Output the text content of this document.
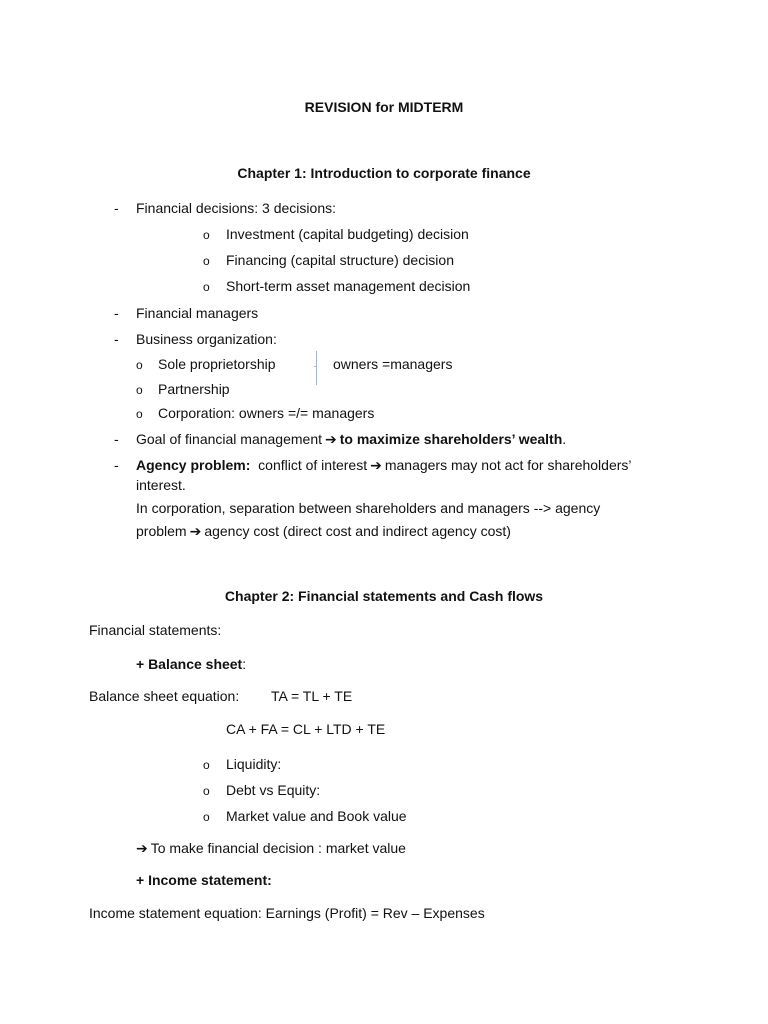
REVISION for MIDTERM
Chapter 1: Introduction to corporate finance
- Financial decisions: 3 decisions:
o Investment (capital budgeting) decision
o Financing (capital structure) decision
o Short-term asset management decision
- Financial managers
- Business organization:
o Sole proprietorship	owners =managers
o Partnership
o Corporation: owners =/= managers
- Goal of financial management ➔ to maximize shareholders’ wealth.
- Agency problem: conflict of interest ➔ managers may not act for shareholders’
interest.
In corporation, separation between shareholders and managers --> agency
problem ➔ agency cost (direct cost and indirect agency cost)
Chapter 2: Financial statements and Cash flows
Financial statements:
+ Balance sheet:
Balance sheet equation: TA = TL + TE
CA + FA = CL + LTD + TE
o Liquidity:
o Debt vs Equity:
o Market value and Book value
➔ To make financial decision : market value
+ Income statement:
Income statement equation: Earnings (Profit) = Rev – Expenses
